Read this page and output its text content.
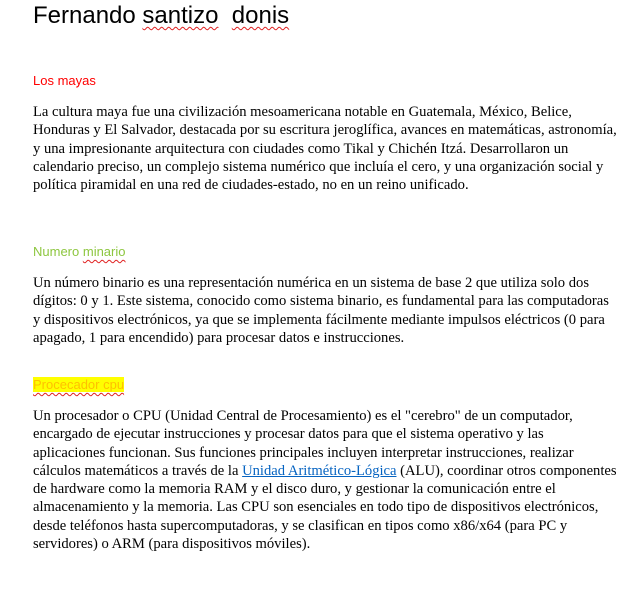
Fernando santizo donis
Los mayas

La cultura maya fue una civilización mesoamericana notable en Guatemala, México, Belice, Honduras y El Salvador, destacada por su escritura jeroglífica, avances en matemáticas, astronomía, y una impresionante arquitectura con ciudades como Tikal y Chichén Itzá. Desarrollaron un calendario preciso, un complejo sistema numérico que incluía el cero, y una organización social y política piramidal en una red de ciudades-estado, no en un reino unificado.

Numero minario

Un número binario es una representación numérica en un sistema de base 2 que utiliza solo dos dígitos: 0 y 1. Este sistema, conocido como sistema binario, es fundamental para las computadoras y dispositivos electrónicos, ya que se implementa fácilmente mediante impulsos eléctricos (0 para apagado, 1 para encendido) para procesar datos e instrucciones.

Procecador cpu

Un procesador o CPU (Unidad Central de Procesamiento) es el "cerebro" de un computador, encargado de ejecutar instrucciones y procesar datos para que el sistema operativo y las aplicaciones funcionan. Sus funciones principales incluyen interpretar instrucciones, realizar cálculos matemáticos a través de la Unidad Aritmético-Lógica (ALU), coordinar otros componentes de hardware como la memoria RAM y el disco duro, y gestionar la comunicación entre el almacenamiento y la memoria. Las CPU son esenciales en todo tipo de dispositivos electrónicos, desde teléfonos hasta supercomputadoras, y se clasifican en tipos como x86/x64 (para PC y servidores) o ARM (para dispositivos móviles).
